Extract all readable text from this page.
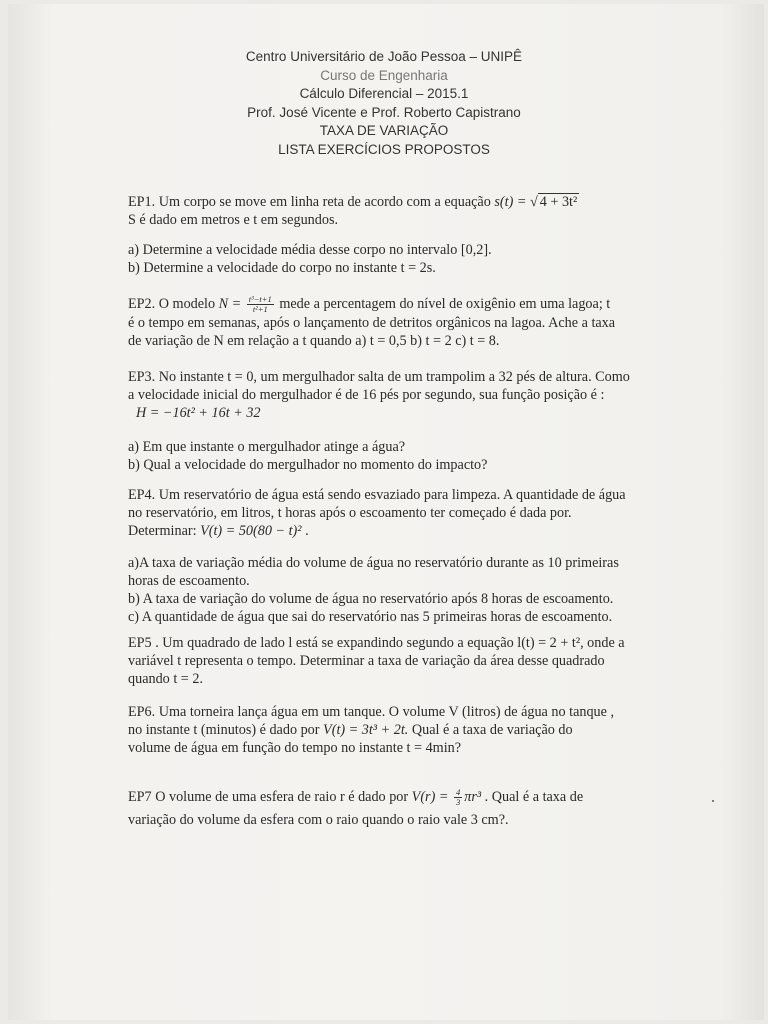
Centro Universitário de João Pessoa – UNIPÊ
Curso de Engenharia
Cálculo Diferencial – 2015.1
Prof. José Vicente e Prof. Roberto Capistrano
TAXA DE VARIAÇÃO
LISTA EXERCÍCIOS PROPOSTOS

EP1. Um corpo se move em linha reta de acordo com a equação s(t) = √ 4 + 3t²

S é dado em metros e t em segundos.

a) Determine a velocidade média desse corpo no intervalo [0,2].

b) Determine a velocidade do corpo no instante t = 2s.

EP2. O modelo $N = \frac{\text{t³−t+1}}{\text{t²+1}}$ mede a percentagem do nível de oxigênio em uma lagoa; t

é o tempo em semanas, após o lançamento de detritos orgânicos na lagoa. Ache a taxa

de variação de N em relação a t quando a) t = 0,5 b) t = 2 c) t = 8.

EP3. No instante t = 0, um mergulhador salta de um trampolim a 32 pés de altura. Como

a velocidade inicial do mergulhador é de 16 pés por segundo, sua função posição é :

H = −16t² + 16t + 32

a) Em que instante o mergulhador atinge a água?

b) Qual a velocidade do mergulhador no momento do impacto?

EP4. Um reservatório de água está sendo esvaziado para limpeza. A quantidade de água

no reservatório, em litros, t horas após o escoamento ter começado é dada por.

Determinar: V(t) = 50(80 − t)² .

a)A taxa de variação média do volume de água no reservatório durante as 10 primeiras

horas de escoamento.

b) A taxa de variação do volume de água no reservatório após 8 horas de escoamento.

c) A quantidade de água que sai do reservatório nas 5 primeiras horas de escoamento.

EP5 . Um quadrado de lado l está se expandindo segundo a equação l(t) = 2 + t², onde a

variável t representa o tempo. Determinar a taxa de variação da área desse quadrado

quando t = 2.

EP6. Uma torneira lança água em um tanque. O volume V (litros) de água no tanque ,

no instante t (minutos) é dado por V(t) = 3t³ + 2t. Qual é a taxa de variação do

volume de água em função do tempo no instante t = 4min?

EP7 O volume de uma esfera de raio r é dado por $V(r) = \frac{4}{3} \pi r^3$ . Qual é a taxa de

variação do volume da esfera com o raio quando o raio vale 3 cm?.
